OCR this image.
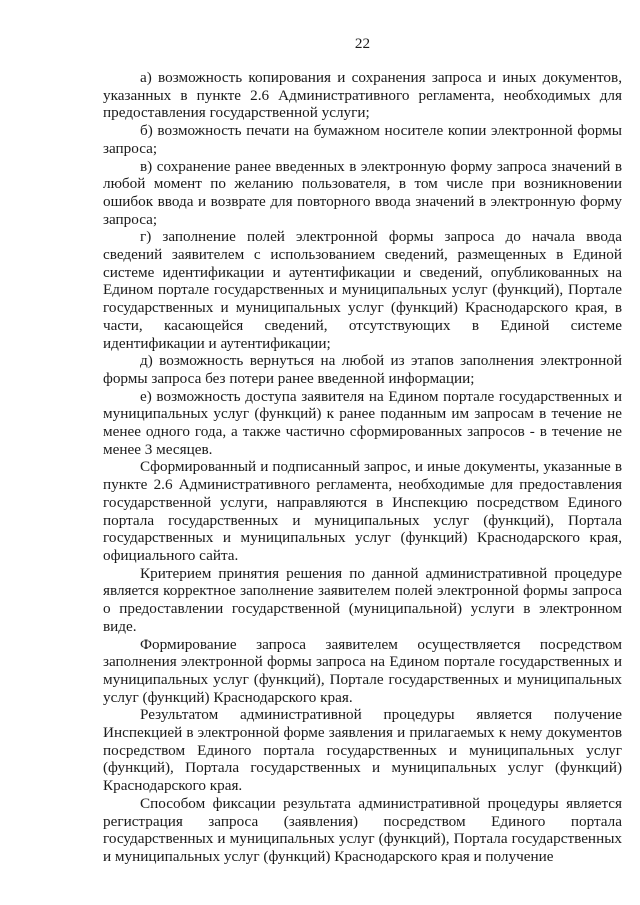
22

а) возможность копирования и сохранения запроса и иных документов, указанных в пункте 2.6 Административного регламента, необходимых для предоставления государственной услуги;

б) возможность печати на бумажном носителе копии электронной формы запроса;

в) сохранение ранее введенных в электронную форму запроса значений в любой момент по желанию пользователя, в том числе при возникновении ошибок ввода и возврате для повторного ввода значений в электронную форму запроса;

г) заполнение полей электронной формы запроса до начала ввода сведений заявителем с использованием сведений, размещенных в Единой системе идентификации и аутентификации и сведений, опубликованных на Едином портале государственных и муниципальных услуг (функций), Портале государственных и муниципальных услуг (функций) Краснодарского края, в части, касающейся сведений, отсутствующих в Единой системе идентификации и аутентификации;

д) возможность вернуться на любой из этапов заполнения электронной формы запроса без потери ранее введенной информации;

е) возможность доступа заявителя на Едином портале государственных и муниципальных услуг (функций) к ранее поданным им запросам в течение не менее одного года, а также частично сформированных запросов - в течение не менее 3 месяцев.

Сформированный и подписанный запрос, и иные документы, указанные в пункте 2.6 Административного регламента, необходимые для предоставления государственной услуги, направляются в Инспекцию посредством Единого портала государственных и муниципальных услуг (функций), Портала государственных и муниципальных услуг (функций) Краснодарского края, официального сайта.

Критерием принятия решения по данной административной процедуре является корректное заполнение заявителем полей электронной формы запроса о предоставлении государственной (муниципальной) услуги в электронном виде.

Формирование запроса заявителем осуществляется посредством заполнения электронной формы запроса на Едином портале государственных и муниципальных услуг (функций), Портале государственных и муниципальных услуг (функций) Краснодарского края.

Результатом административной процедуры является получение Инспекцией в электронной форме заявления и прилагаемых к нему документов посредством Единого портала государственных и муниципальных услуг (функций), Портала государственных и муниципальных услуг (функций) Краснодарского края.

Способом фиксации результата административной процедуры является регистрация запроса (заявления) посредством Единого портала государственных и муниципальных услуг (функций), Портала государственных и муниципальных услуг (функций) Краснодарского края и получение
